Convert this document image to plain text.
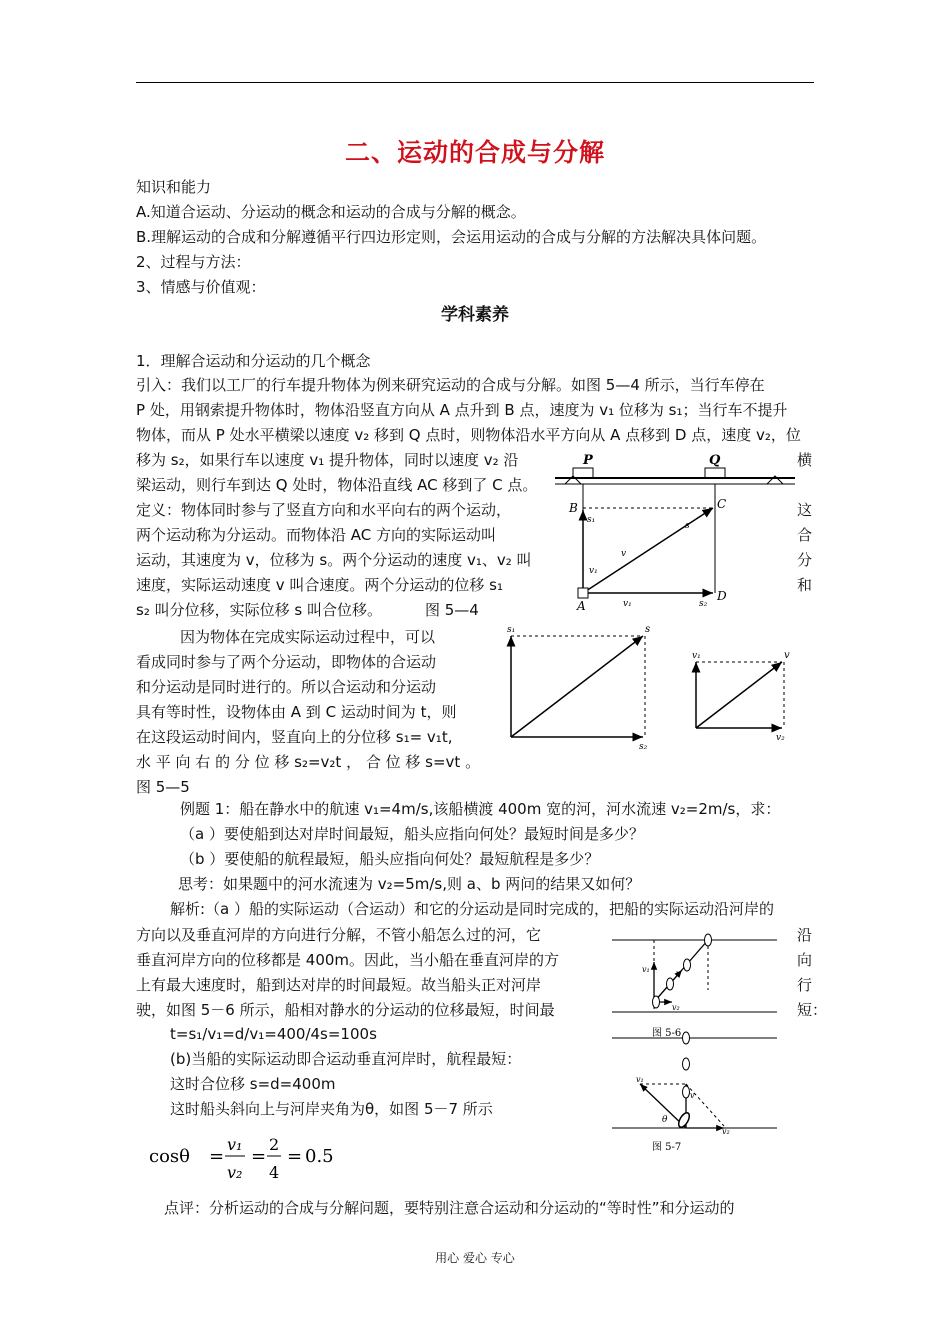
二、运动的合成与分解
知识和能力
A.知道合运动、分运动的概念和运动的合成与分解的概念。
B.理解运动的合成和分解遵循平行四边形定则，会运用运动的合成与分解的方法解决具体问题。
2、过程与方法：
3、情感与价值观：
学科素养
1．理解合运动和分运动的几个概念
引入：我们以工厂的行车提升物体为例来研究运动的合成与分解。如图 5—4 所示，当行车停在
P 处，用钢索提升物体时，物体沿竖直方向从 A 点升到 B 点，速度为 v₁ 位移为 s₁；当行车不提升
物体，而从 P 处水平横梁以速度 v₂ 移到 Q 点时，则物体沿水平方向从 A 点移到 D 点，速度 v₂，位
移为 s₂，如果行车以速度 v₁ 提升物体，同时以速度 v₂ 沿
梁运动，则行车到达 Q 处时，物体沿直线 AC 移到了 C 点。
定义：物体同时参与了竖直方向和水平向右的两个运动，
两个运动称为分运动。而物体沿 AC 方向的实际运动叫
运动，其速度为 v，位移为 s。两个分运动的速度 v₁、v₂ 叫
速度，实际运动速度 v 叫合速度。两个分运动的位移 s₁
s₂ 叫分位移，实际位移 s 叫合位移。	图 5—4
因为物体在完成实际运动过程中，可以
看成同时参与了两个分运动，即物体的合运动
和分运动是同时进行的。所以合运动和分运动
具有等时性，设物体由 A 到 C 运动时间为 t，则
在这段运动时间内，竖直向上的分位移 s₁= v₁t,
水 平 向 右 的 分 位 移 s₂=v₂t ， 合 位 移 s=vt 。
图 5—5
横
这
合
分
和
P	Q
A
B	C
D
s₁
s₂
s
v
v₁
v₁
s₁	s
s₂
v₁	v
v₂
例题 1：船在静水中的航速 v₁=4m/s,该船横渡 400m 宽的河，河水流速 v₂=2m/s，求：
（a ）要使船到达对岸时间最短，船头应指向何处？最短时间是多少？
（b ）要使船的航程最短，船头应指向何处？最短航程是多少？
思考：如果题中的河水流速为 v₂=5m/s,则 a、b 两问的结果又如何？
解析:（a ）船的实际运动（合运动）和它的分运动是同时完成的，把船的实际运动沿河岸的
方向以及垂直河岸的方向进行分解，不管小船怎么过的河，它
垂直河岸方向的位移都是 400m。因此，当小船在垂直河岸的方
上有最大速度时，船到达对岸的时间最短。故当船头正对河岸
驶，如图 5－6 所示，船相对静水的分运动的位移最短，时间最
t=s₁/v₁=d/v₁=400/4s=100s
(b)当船的实际运动即合运动垂直河岸时，航程最短：
这时合位移 s=d=400m
这时船头斜向上与河岸夹角为θ，如图 5－7 所示
沿
向
行
短：
v₁	v
v₂
图 5-6
v₁
v
v₂
θ
图 5-7
cosθ =
v₁
v₂
=
2
4
= 0.5
点评：分析运动的合成与分解问题，要特别注意合运动和分运动的“等时性”和分运动的
用心 爱心 专心
